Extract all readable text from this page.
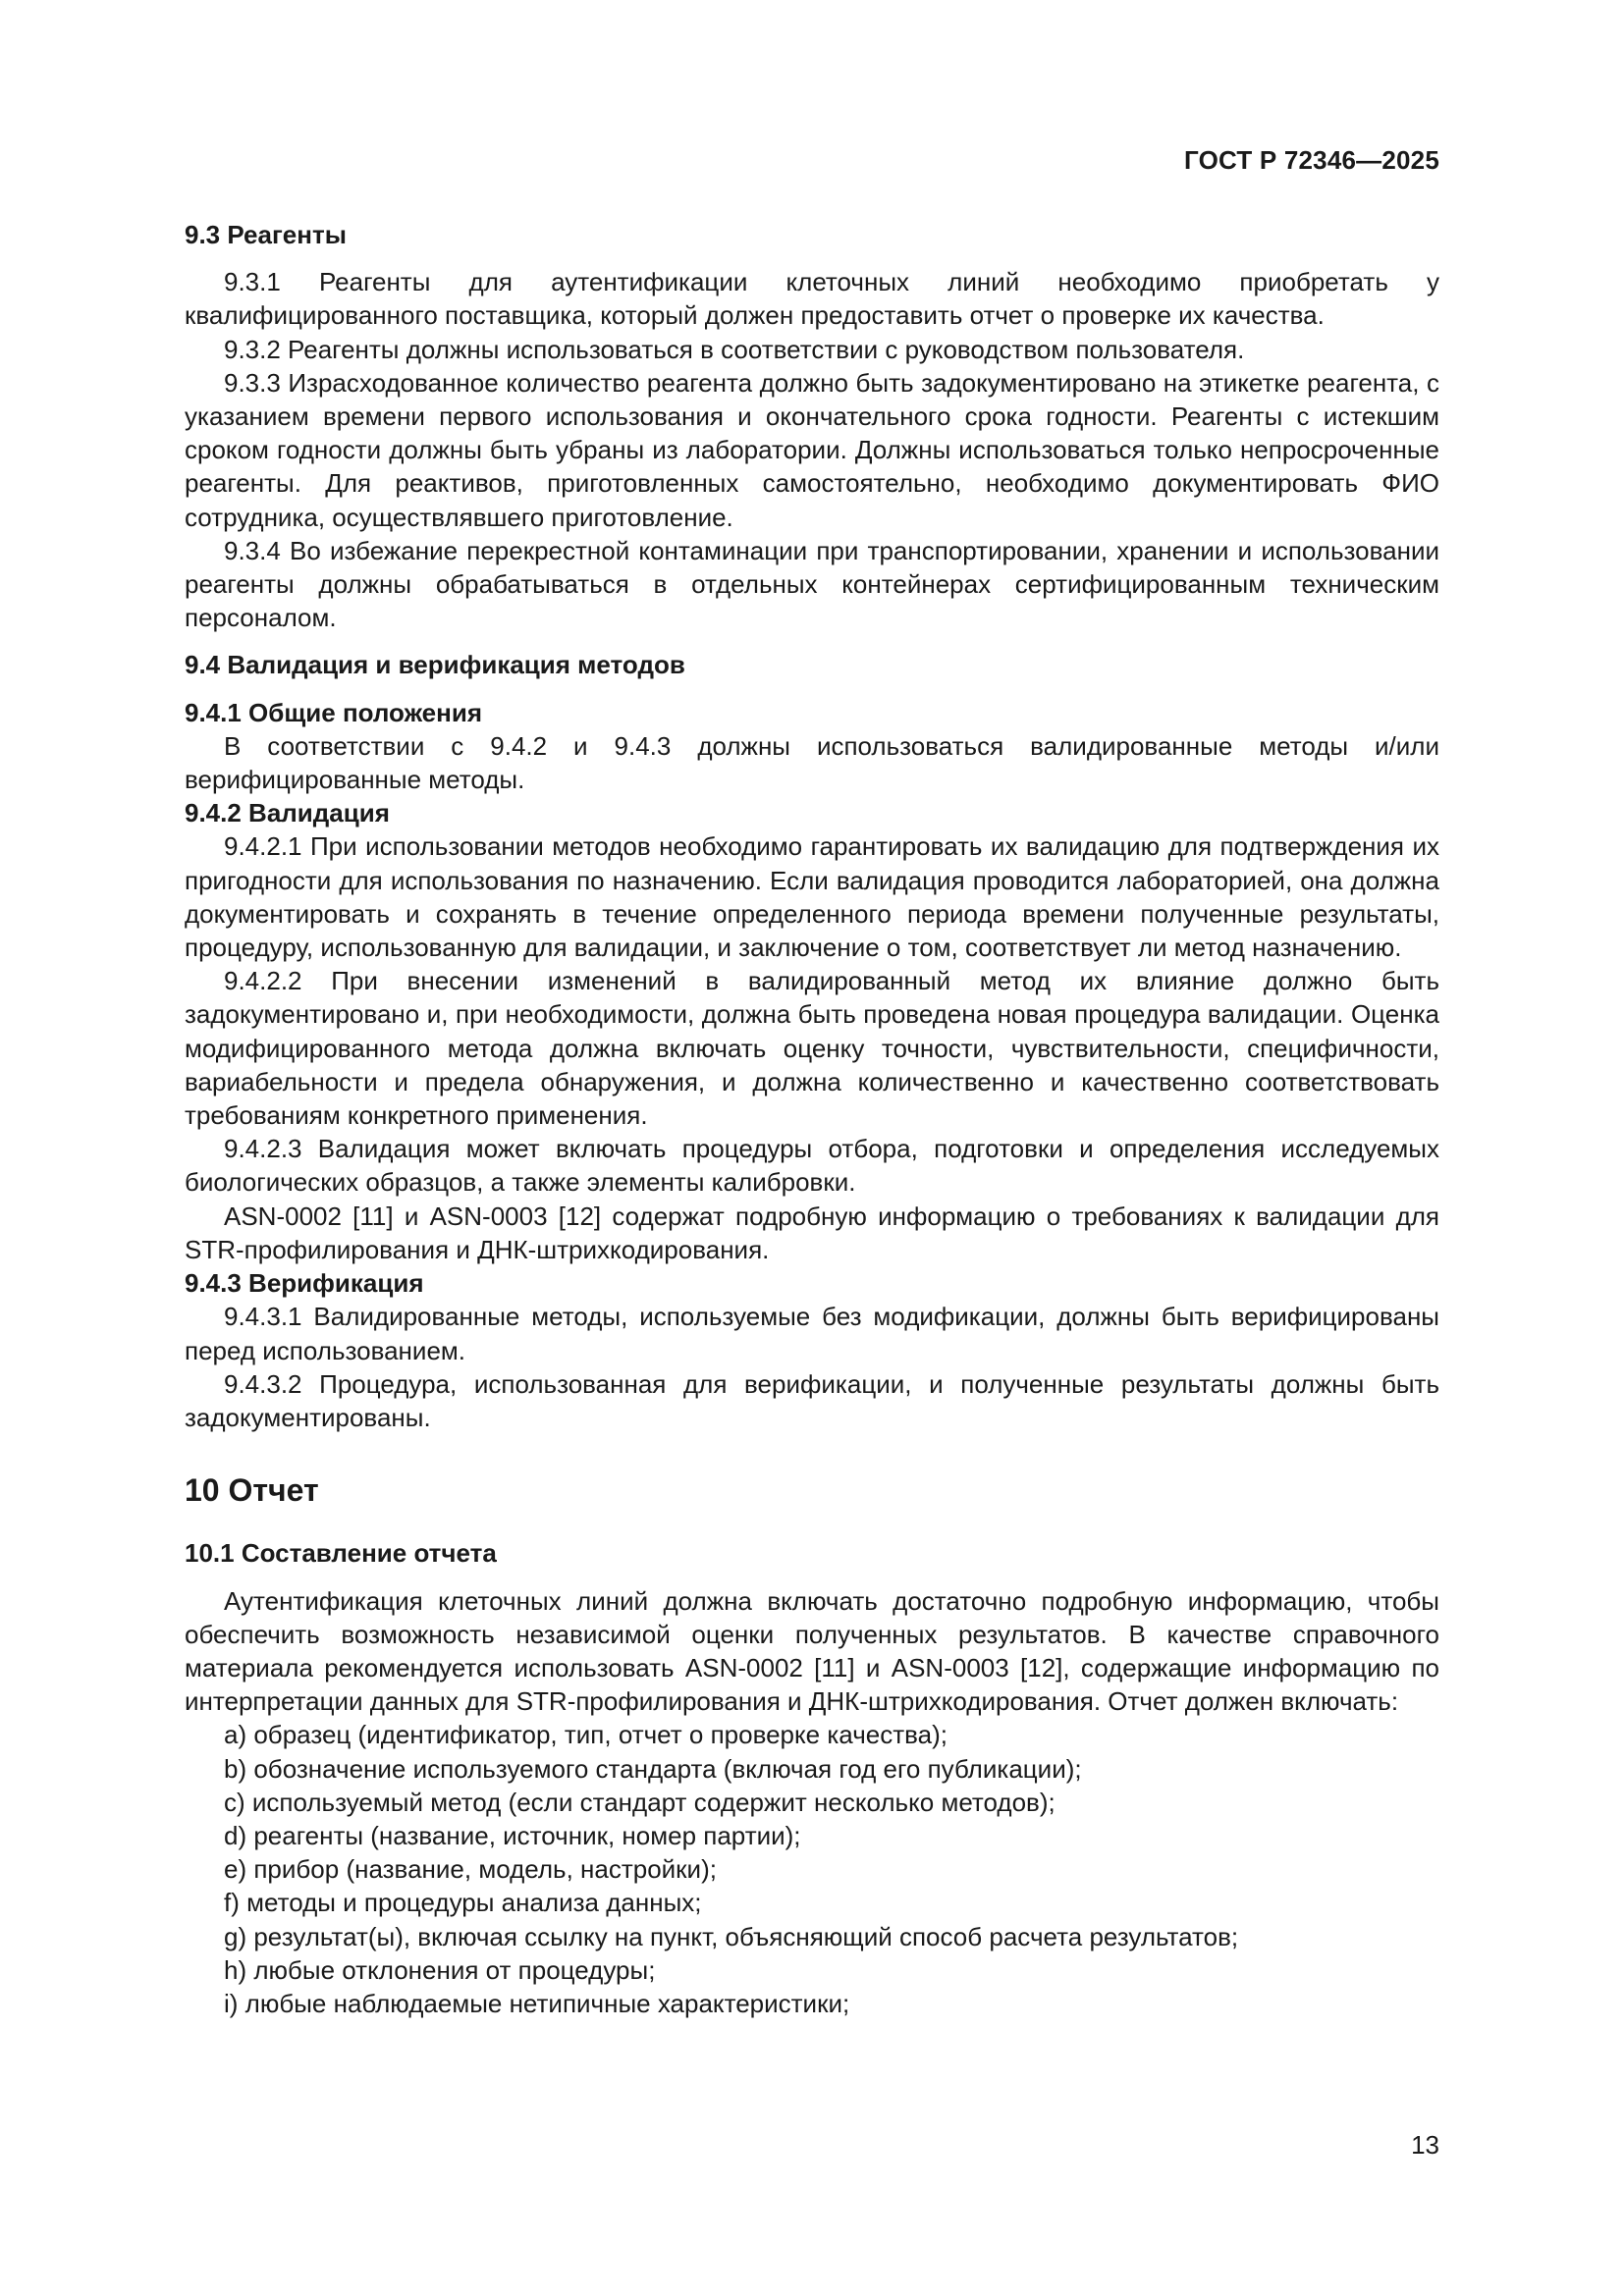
ГОСТ Р 72346—2025
9.3 Реагенты

9.3.1 Реагенты для аутентификации клеточных линий необходимо приобретать у квалифицированного поставщика, который должен предоставить отчет о проверке их качества.

9.3.2 Реагенты должны использоваться в соответствии с руководством пользователя.

9.3.3 Израсходованное количество реагента должно быть задокументировано на этикетке реагента, с указанием времени первого использования и окончательного срока годности. Реагенты с истекшим сроком годности должны быть убраны из лаборатории. Должны использоваться только непросроченные реагенты. Для реактивов, приготовленных самостоятельно, необходимо документировать ФИО сотрудника, осуществлявшего приготовление.

9.3.4 Во избежание перекрестной контаминации при транспортировании, хранении и использовании реагенты должны обрабатываться в отдельных контейнерах сертифицированным техническим персоналом.

9.4 Валидация и верификация методов
9.4.1 Общие положения

В соответствии с 9.4.2 и 9.4.3 должны использоваться валидированные методы и/или верифицированные методы.

9.4.2 Валидация

9.4.2.1 При использовании методов необходимо гарантировать их валидацию для подтверждения их пригодности для использования по назначению. Если валидация проводится лабораторией, она должна документировать и сохранять в течение определенного периода времени полученные результаты, процедуру, использованную для валидации, и заключение о том, соответствует ли метод назначению.

9.4.2.2 При внесении изменений в валидированный метод их влияние должно быть задокументировано и, при необходимости, должна быть проведена новая процедура валидации. Оценка модифицированного метода должна включать оценку точности, чувствительности, специфичности, вариабельности и предела обнаружения, и должна количественно и качественно соответствовать требованиям конкретного применения.

9.4.2.3 Валидация может включать процедуры отбора, подготовки и определения исследуемых биологических образцов, а также элементы калибровки.

ASN-0002 [11] и ASN-0003 [12] содержат подробную информацию о требованиях к валидации для STR-профилирования и ДНК-штрихкодирования.

9.4.3 Верификация

9.4.3.1 Валидированные методы, используемые без модификации, должны быть верифицированы перед использованием.

9.4.3.2 Процедура, использованная для верификации, и полученные результаты должны быть задокументированы.

10 Отчет
10.1 Составление отчета

Аутентификация клеточных линий должна включать достаточно подробную информацию, чтобы обеспечить возможность независимой оценки полученных результатов. В качестве справочного материала рекомендуется использовать ASN-0002 [11] и ASN-0003 [12], содержащие информацию по интерпретации данных для STR-профилирования и ДНК-штрихкодирования. Отчет должен включать:

a) образец (идентификатор, тип, отчет о проверке качества);
b) обозначение используемого стандарта (включая год его публикации);
c) используемый метод (если стандарт содержит несколько методов);
d) реагенты (название, источник, номер партии);
e) прибор (название, модель, настройки);
f) методы и процедуры анализа данных;
g) результат(ы), включая ссылку на пункт, объясняющий способ расчета результатов;
h) любые отклонения от процедуры;
i) любые наблюдаемые нетипичные характеристики;
13
